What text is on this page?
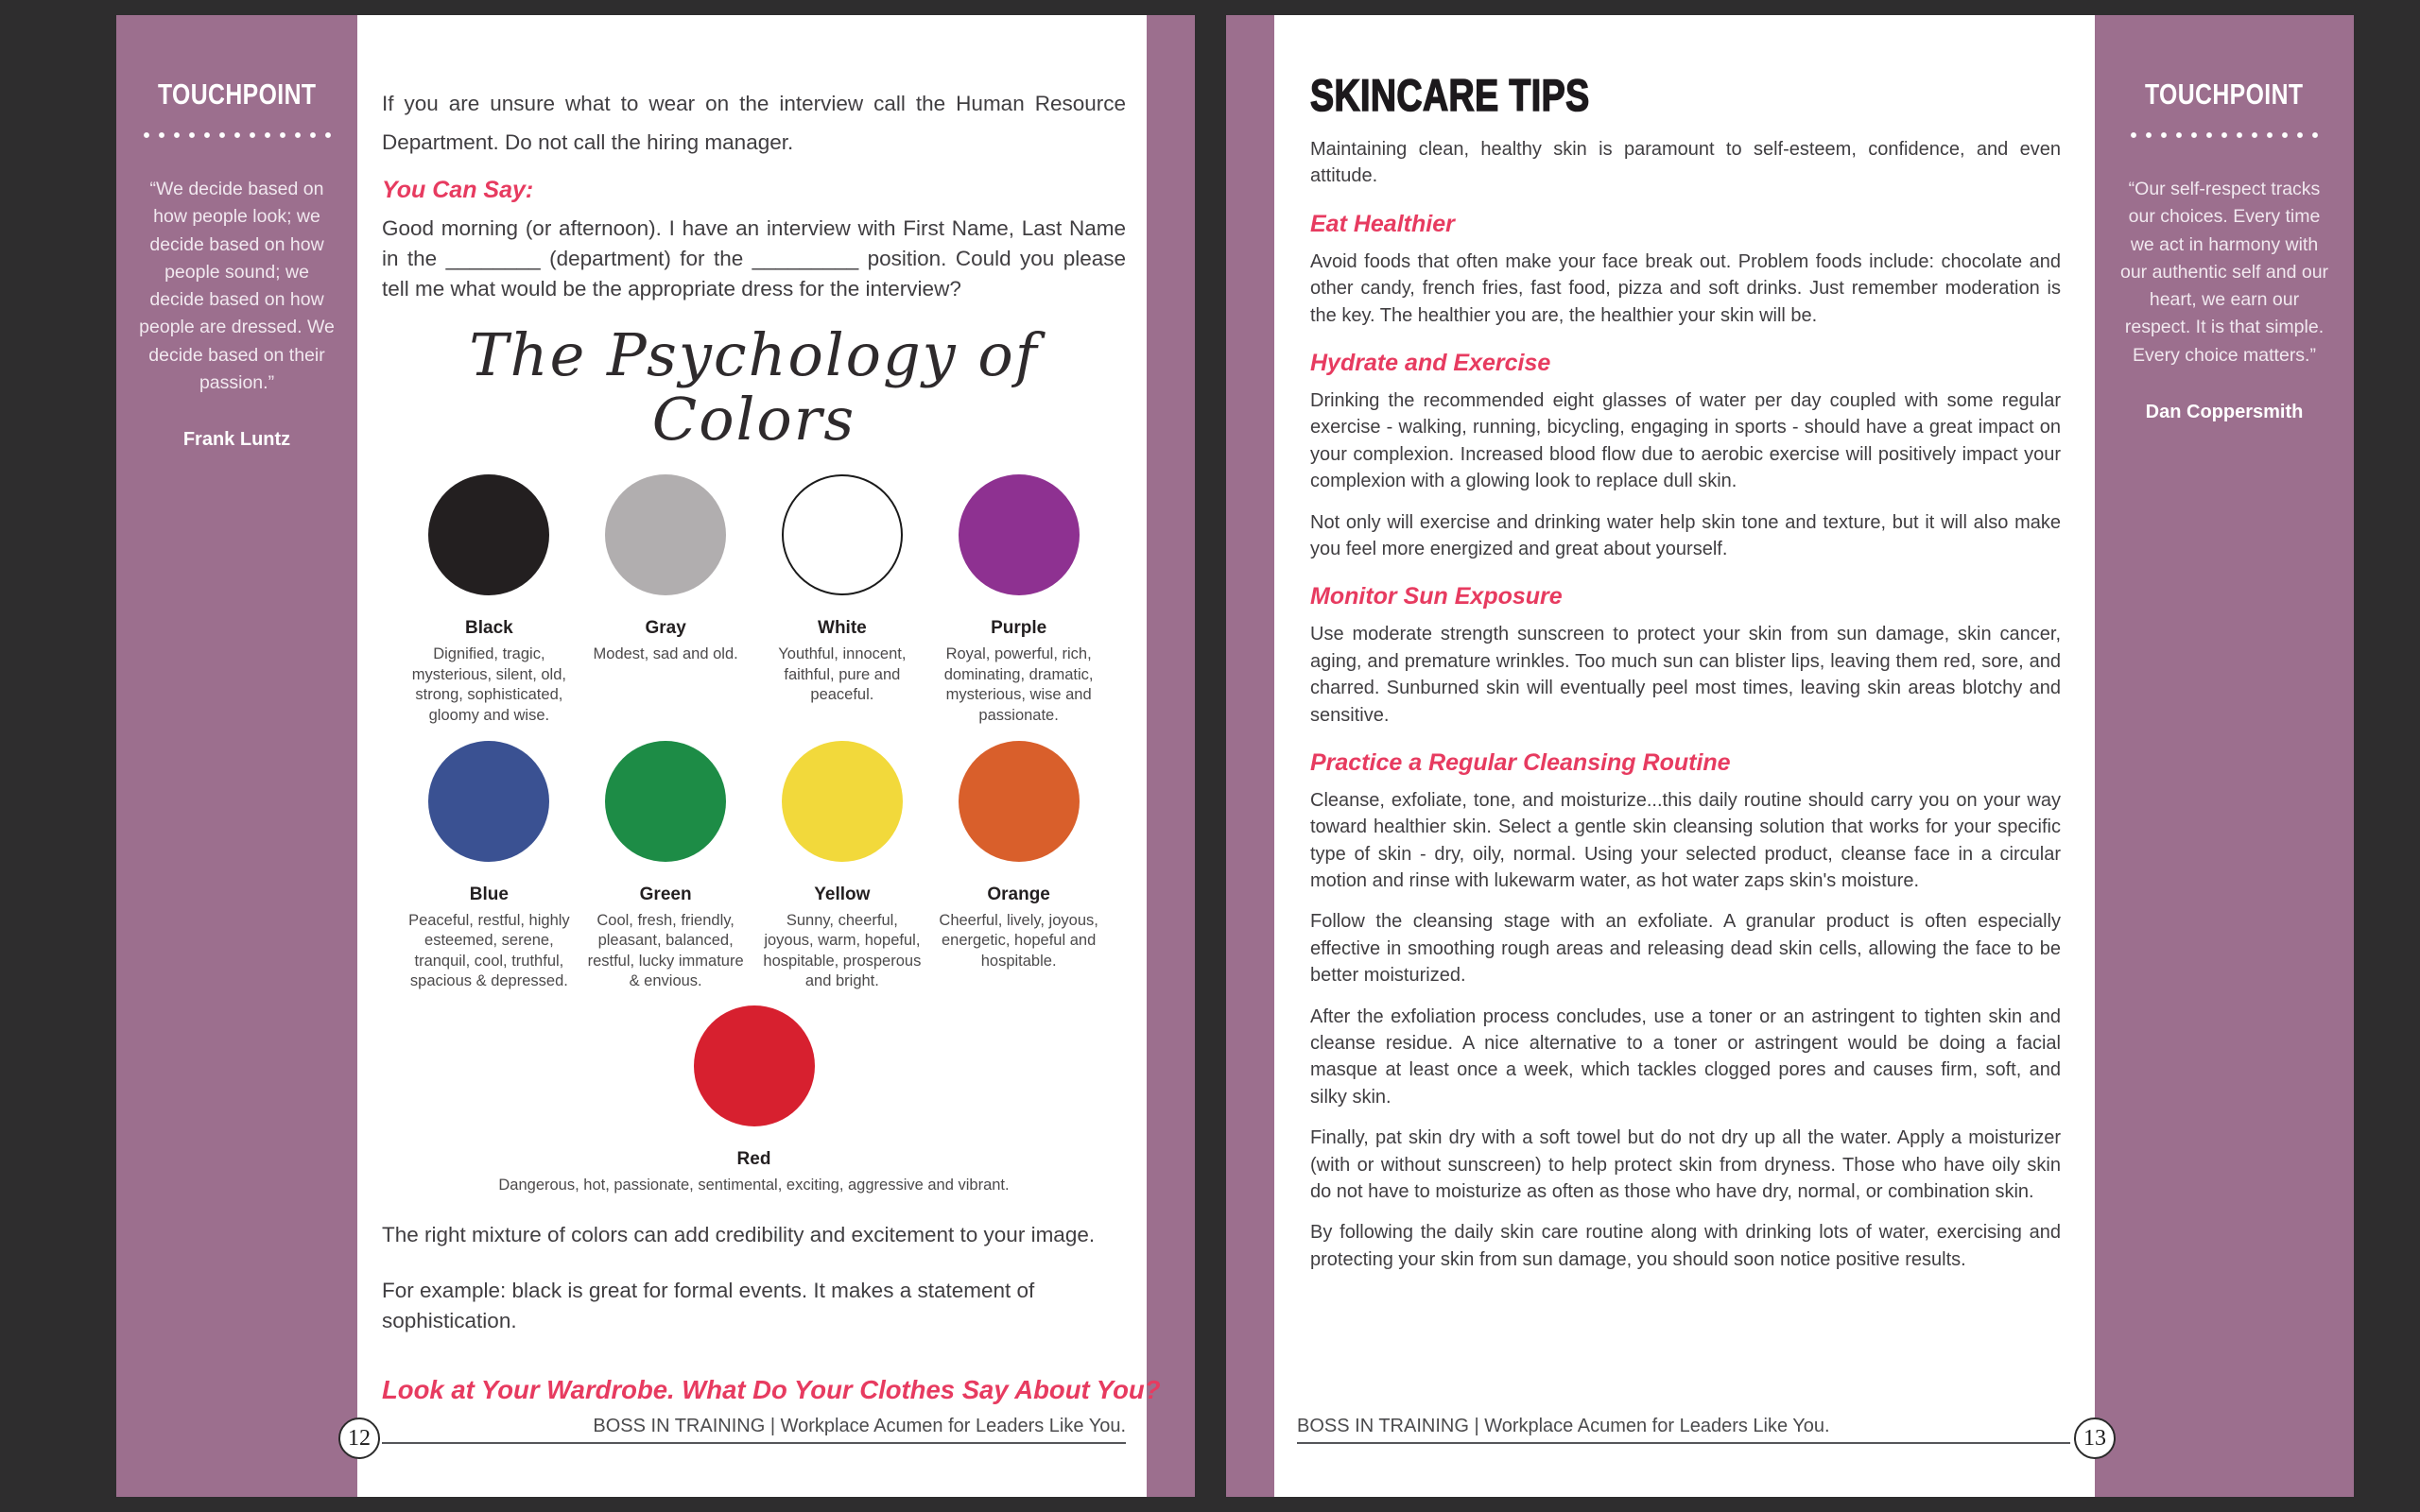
TOUCHPOINT
“We decide based on how people look; we decide based on how people sound; we decide based on how people are dressed. We decide based on their passion.”
Frank Luntz

If you are unsure what to wear on the interview call the Human Resource Department. Do not call the hiring manager.

You Can Say:

Good morning (or afternoon). I have an interview with First Name, Last Name in the ________ (department) for the _________ position. Could you please tell me what would be the appropriate dress for the interview?

The Psychology of Colors
Black
Dignified, tragic, mysterious, silent, old, strong, sophisticated, gloomy and wise.
Gray
Modest, sad and old.
White
Youthful, innocent, faithful, pure and peaceful.
Purple
Royal, powerful, rich, dominating, dramatic, mysterious, wise and passionate.
Blue
Peaceful, restful, highly esteemed, serene, tranquil, cool, truthful, spacious & depressed.
Green
Cool, fresh, friendly, pleasant, balanced, restful, lucky immature & envious.
Yellow
Sunny, cheerful, joyous, warm, hopeful, hospitable, prosperous and bright.
Orange
Cheerful, lively, joyous, energetic, hopeful and hospitable.
Red
Dangerous, hot, passionate, sentimental, exciting, aggressive and vibrant.

The right mixture of colors can add credibility and excitement to your image.

For example: black is great for formal events. It makes a statement of sophistication.

Look at Your Wardrobe. What Do Your Clothes Say About You?
12	BOSS IN TRAINING | Workplace Acumen for Leaders Like You.
SKINCARE TIPS

Maintaining clean, healthy skin is paramount to self-esteem, confidence, and even attitude.

Eat Healthier

Avoid foods that often make your face break out. Problem foods include: chocolate and other candy, french fries, fast food, pizza and soft drinks. Just remember moderation is the key. The healthier you are, the healthier your skin will be.

Hydrate and Exercise

Drinking the recommended eight glasses of water per day coupled with some regular exercise - walking, running, bicycling, engaging in sports - should have a great impact on your complexion. Increased blood flow due to aerobic exercise will positively impact your complexion with a glowing look to replace dull skin.

Not only will exercise and drinking water help skin tone and texture, but it will also make you feel more energized and great about yourself.

Monitor Sun Exposure

Use moderate strength sunscreen to protect your skin from sun damage, skin cancer, aging, and premature wrinkles. Too much sun can blister lips, leaving them red, sore, and charred. Sunburned skin will eventually peel most times, leaving skin areas blotchy and sensitive.

Practice a Regular Cleansing Routine

Cleanse, exfoliate, tone, and moisturize...this daily routine should carry you on your way toward healthier skin. Select a gentle skin cleansing solution that works for your specific type of skin - dry, oily, normal. Using your selected product, cleanse face in a circular motion and rinse with lukewarm water, as hot water zaps skin's moisture.

Follow the cleansing stage with an exfoliate. A granular product is often especially effective in smoothing rough areas and releasing dead skin cells, allowing the face to be better moisturized.

After the exfoliation process concludes, use a toner or an astringent to tighten skin and cleanse residue. A nice alternative to a toner or astringent would be doing a facial masque at least once a week, which tackles clogged pores and causes firm, soft, and silky skin.

Finally, pat skin dry with a soft towel but do not dry up all the water. Apply a moisturizer (with or without sunscreen) to help protect skin from dryness. Those who have oily skin do not have to moisturize as often as those who have dry, normal, or combination skin.

By following the daily skin care routine along with drinking lots of water, exercising and protecting your skin from sun damage, you should soon notice positive results.

13
BOSS IN TRAINING | Workplace Acumen for Leaders Like You.
TOUCHPOINT
“Our self-respect tracks our choices. Every time we act in harmony with our authentic self and our heart, we earn our respect. It is that simple. Every choice matters.”
Dan Coppersmith
